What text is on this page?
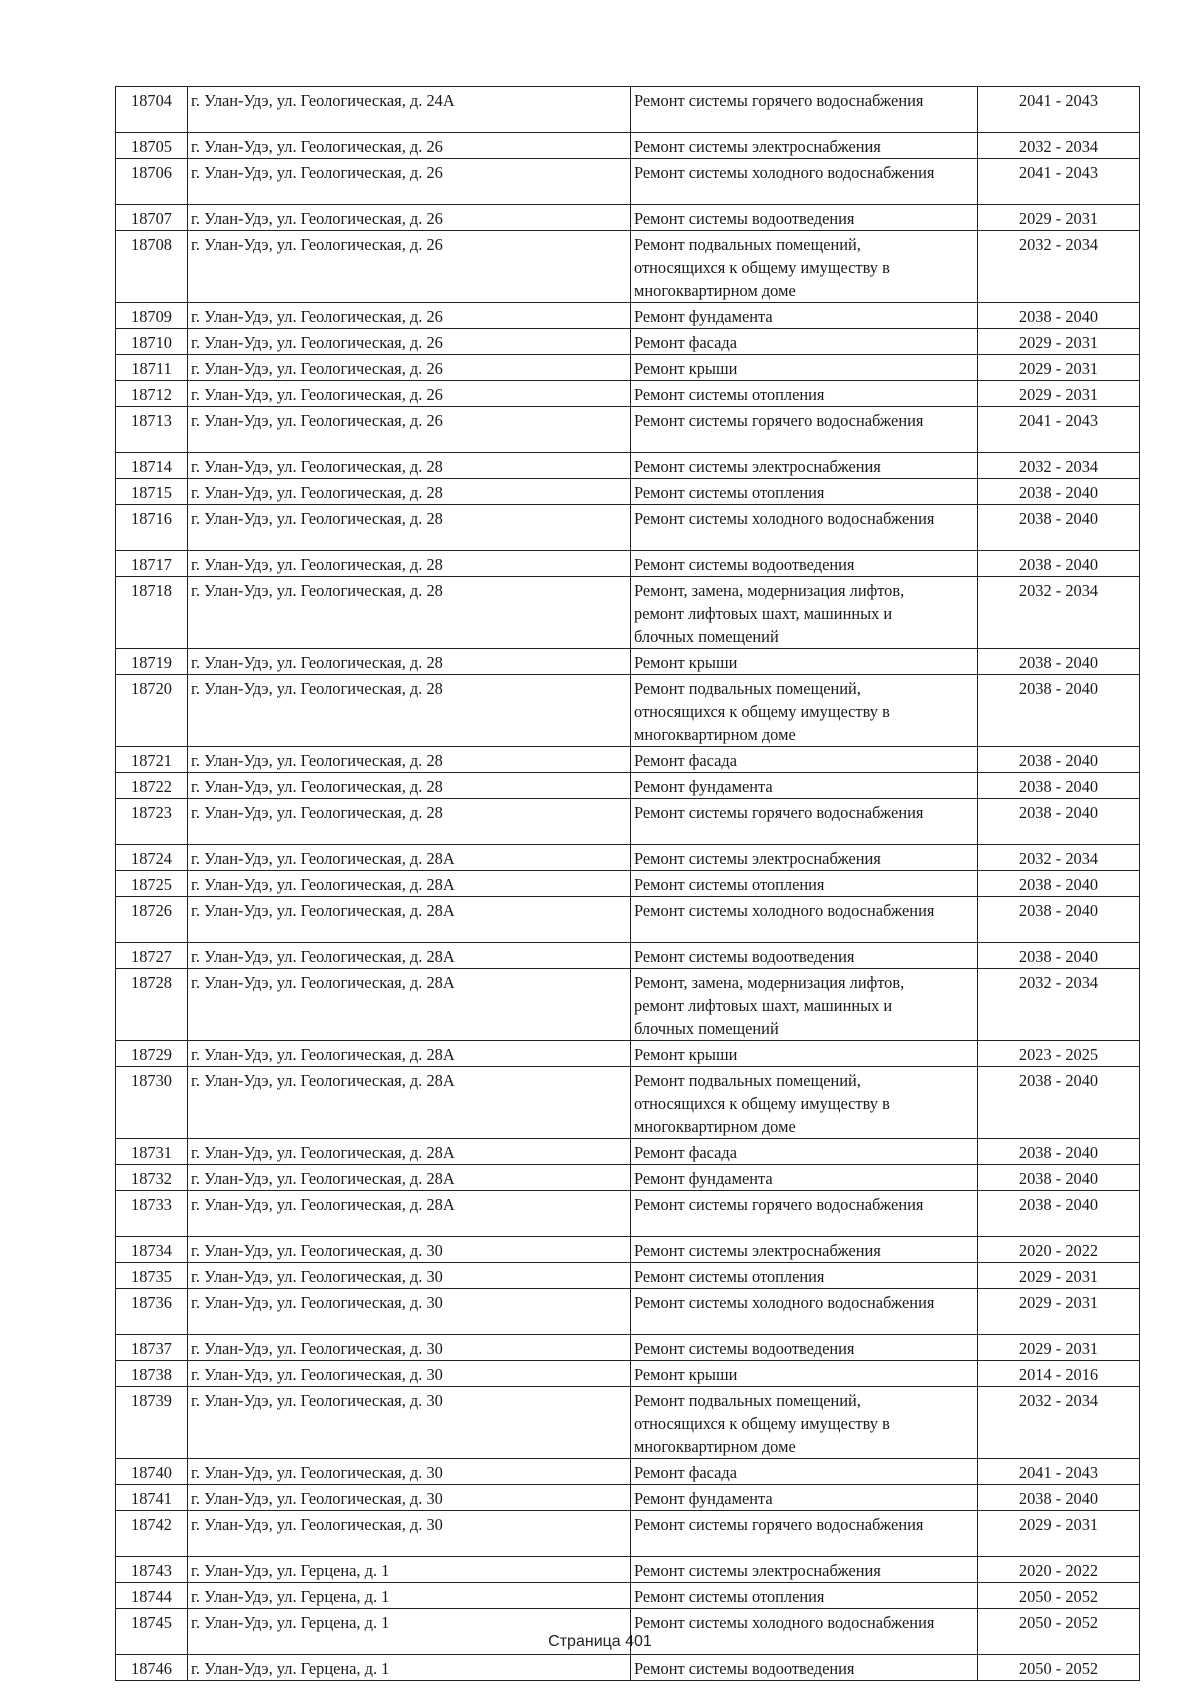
18704	г. Улан-Удэ, ул. Геологическая, д. 24А	Ремонт системы горячего водоснабжения	2041 - 2043
18705	г. Улан-Удэ, ул. Геологическая, д. 26	Ремонт системы электроснабжения	2032 - 2034
18706	г. Улан-Удэ, ул. Геологическая, д. 26	Ремонт системы холодного водоснабжения	2041 - 2043
18707	г. Улан-Удэ, ул. Геологическая, д. 26	Ремонт системы водоотведения	2029 - 2031
18708	г. Улан-Удэ, ул. Геологическая, д. 26	Ремонт подвальных помещений,
относящихся к общему имуществу в
многоквартирном доме	2032 - 2034
18709	г. Улан-Удэ, ул. Геологическая, д. 26	Ремонт фундамента	2038 - 2040
18710	г. Улан-Удэ, ул. Геологическая, д. 26	Ремонт фасада	2029 - 2031
18711	г. Улан-Удэ, ул. Геологическая, д. 26	Ремонт крыши	2029 - 2031
18712	г. Улан-Удэ, ул. Геологическая, д. 26	Ремонт системы отопления	2029 - 2031
18713	г. Улан-Удэ, ул. Геологическая, д. 26	Ремонт системы горячего водоснабжения	2041 - 2043
18714	г. Улан-Удэ, ул. Геологическая, д. 28	Ремонт системы электроснабжения	2032 - 2034
18715	г. Улан-Удэ, ул. Геологическая, д. 28	Ремонт системы отопления	2038 - 2040
18716	г. Улан-Удэ, ул. Геологическая, д. 28	Ремонт системы холодного водоснабжения	2038 - 2040
18717	г. Улан-Удэ, ул. Геологическая, д. 28	Ремонт системы водоотведения	2038 - 2040
18718	г. Улан-Удэ, ул. Геологическая, д. 28	Ремонт, замена, модернизация лифтов,
ремонт лифтовых шахт, машинных и
блочных помещений	2032 - 2034
18719	г. Улан-Удэ, ул. Геологическая, д. 28	Ремонт крыши	2038 - 2040
18720	г. Улан-Удэ, ул. Геологическая, д. 28	Ремонт подвальных помещений,
относящихся к общему имуществу в
многоквартирном доме	2038 - 2040
18721	г. Улан-Удэ, ул. Геологическая, д. 28	Ремонт фасада	2038 - 2040
18722	г. Улан-Удэ, ул. Геологическая, д. 28	Ремонт фундамента	2038 - 2040
18723	г. Улан-Удэ, ул. Геологическая, д. 28	Ремонт системы горячего водоснабжения	2038 - 2040
18724	г. Улан-Удэ, ул. Геологическая, д. 28А	Ремонт системы электроснабжения	2032 - 2034
18725	г. Улан-Удэ, ул. Геологическая, д. 28А	Ремонт системы отопления	2038 - 2040
18726	г. Улан-Удэ, ул. Геологическая, д. 28А	Ремонт системы холодного водоснабжения	2038 - 2040
18727	г. Улан-Удэ, ул. Геологическая, д. 28А	Ремонт системы водоотведения	2038 - 2040
18728	г. Улан-Удэ, ул. Геологическая, д. 28А	Ремонт, замена, модернизация лифтов,
ремонт лифтовых шахт, машинных и
блочных помещений	2032 - 2034
18729	г. Улан-Удэ, ул. Геологическая, д. 28А	Ремонт крыши	2023 - 2025
18730	г. Улан-Удэ, ул. Геологическая, д. 28А	Ремонт подвальных помещений,
относящихся к общему имуществу в
многоквартирном доме	2038 - 2040
18731	г. Улан-Удэ, ул. Геологическая, д. 28А	Ремонт фасада	2038 - 2040
18732	г. Улан-Удэ, ул. Геологическая, д. 28А	Ремонт фундамента	2038 - 2040
18733	г. Улан-Удэ, ул. Геологическая, д. 28А	Ремонт системы горячего водоснабжения	2038 - 2040
18734	г. Улан-Удэ, ул. Геологическая, д. 30	Ремонт системы электроснабжения	2020 - 2022
18735	г. Улан-Удэ, ул. Геологическая, д. 30	Ремонт системы отопления	2029 - 2031
18736	г. Улан-Удэ, ул. Геологическая, д. 30	Ремонт системы холодного водоснабжения	2029 - 2031
18737	г. Улан-Удэ, ул. Геологическая, д. 30	Ремонт системы водоотведения	2029 - 2031
18738	г. Улан-Удэ, ул. Геологическая, д. 30	Ремонт крыши	2014 - 2016
18739	г. Улан-Удэ, ул. Геологическая, д. 30	Ремонт подвальных помещений,
относящихся к общему имуществу в
многоквартирном доме	2032 - 2034
18740	г. Улан-Удэ, ул. Геологическая, д. 30	Ремонт фасада	2041 - 2043
18741	г. Улан-Удэ, ул. Геологическая, д. 30	Ремонт фундамента	2038 - 2040
18742	г. Улан-Удэ, ул. Геологическая, д. 30	Ремонт системы горячего водоснабжения	2029 - 2031
18743	г. Улан-Удэ, ул. Герцена, д. 1	Ремонт системы электроснабжения	2020 - 2022
18744	г. Улан-Удэ, ул. Герцена, д. 1	Ремонт системы отопления	2050 - 2052
18745	г. Улан-Удэ, ул. Герцена, д. 1	Ремонт системы холодного водоснабжения	2050 - 2052
18746	г. Улан-Удэ, ул. Герцена, д. 1	Ремонт системы водоотведения	2050 - 2052
Страница 401
